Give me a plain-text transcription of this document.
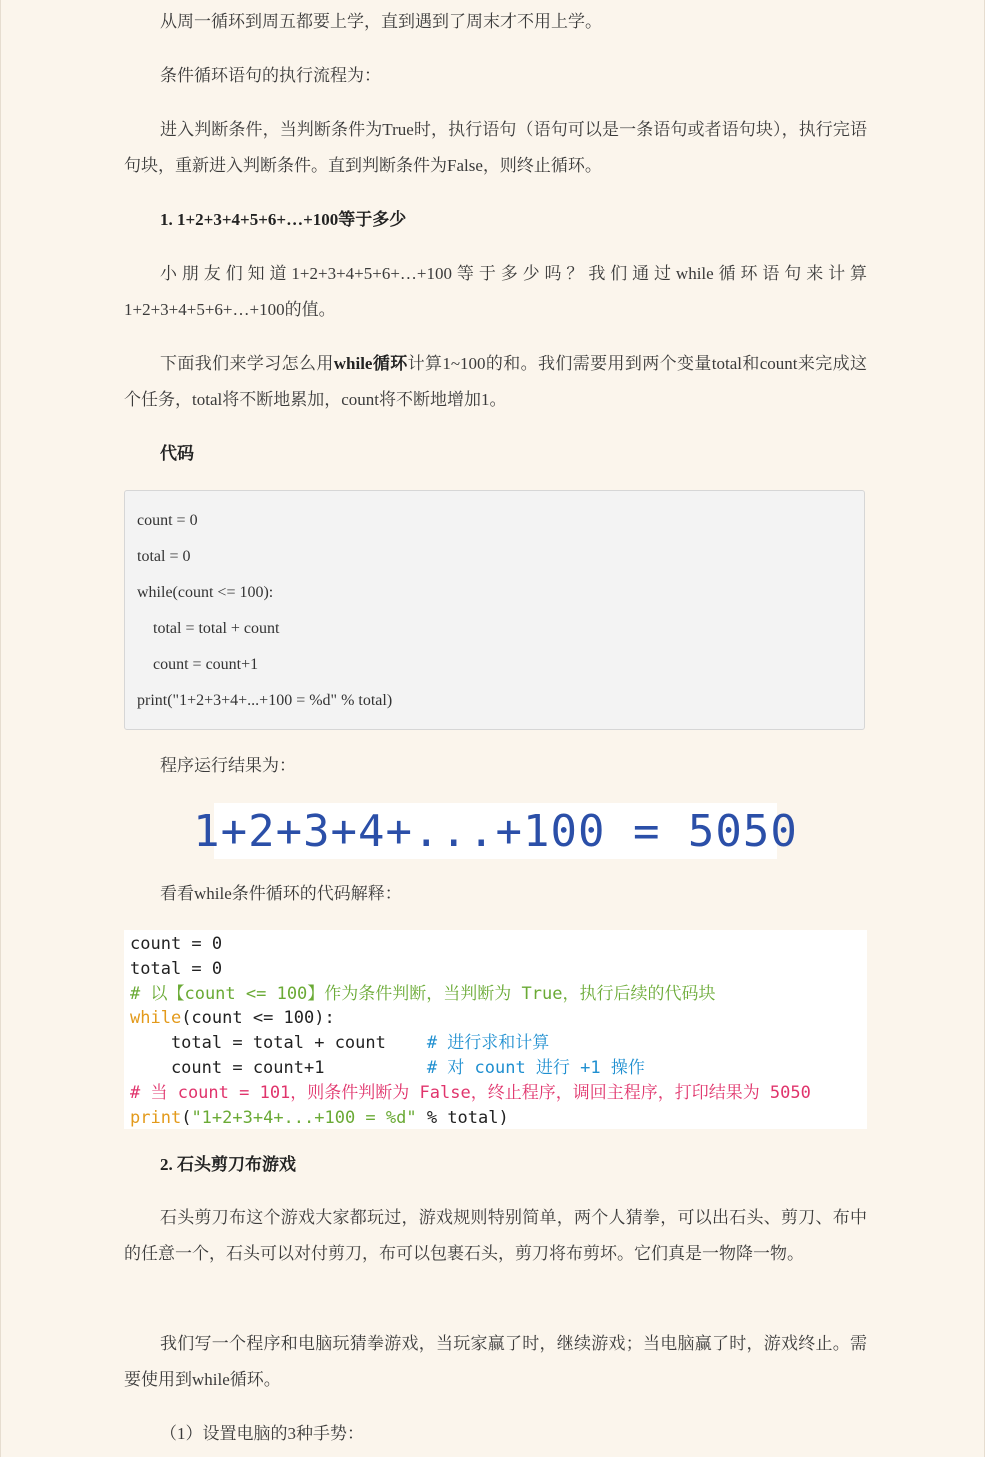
从周一循环到周五都要上学，直到遇到了周末才不用上学。

条件循环语句的执行流程为：

进入判断条件，当判断条件为True时，执行语句（语句可以是一条语句或者语句块），执行完语句块，重新进入判断条件。直到判断条件为False，则终止循环。

1. 1+2+3+4+5+6+…+100等于多少

小朋友们知道1+2+3+4+5+6+…+100等于多少吗？我们通过while循环语句来计算1+2+3+4+5+6+…+100的值。

下面我们来学习怎么用while循环计算1~100的和。我们需要用到两个变量total和count来完成这个任务，total将不断地累加，count将不断地增加1。

代码

count = 0
total = 0
while(count <= 100):
total = total + count
count = count+1
print("1+2+3+4+...+100 = %d" % total)

程序运行结果为：

1+2+3+4+...+100 = 5050

看看while条件循环的代码解释：

count = 0
total = 0
# 以【count <= 100】作为条件判断，当判断为 True，执行后续的代码块
while(count <= 100):
total = total + count    # 进行求和计算
count = count+1          # 对 count 进行 +1 操作
# 当 count = 101，则条件判断为 False，终止程序，调回主程序，打印结果为 5050
print("1+2+3+4+...+100 = %d" % total)

2. 石头剪刀布游戏

石头剪刀布这个游戏大家都玩过，游戏规则特别简单，两个人猜拳，可以出石头、剪刀、布中的任意一个，石头可以对付剪刀，布可以包裹石头，剪刀将布剪坏。它们真是一物降一物。

我们写一个程序和电脑玩猜拳游戏，当玩家赢了时，继续游戏；当电脑赢了时，游戏终止。需要使用到while循环。

（1）设置电脑的3种手势：
